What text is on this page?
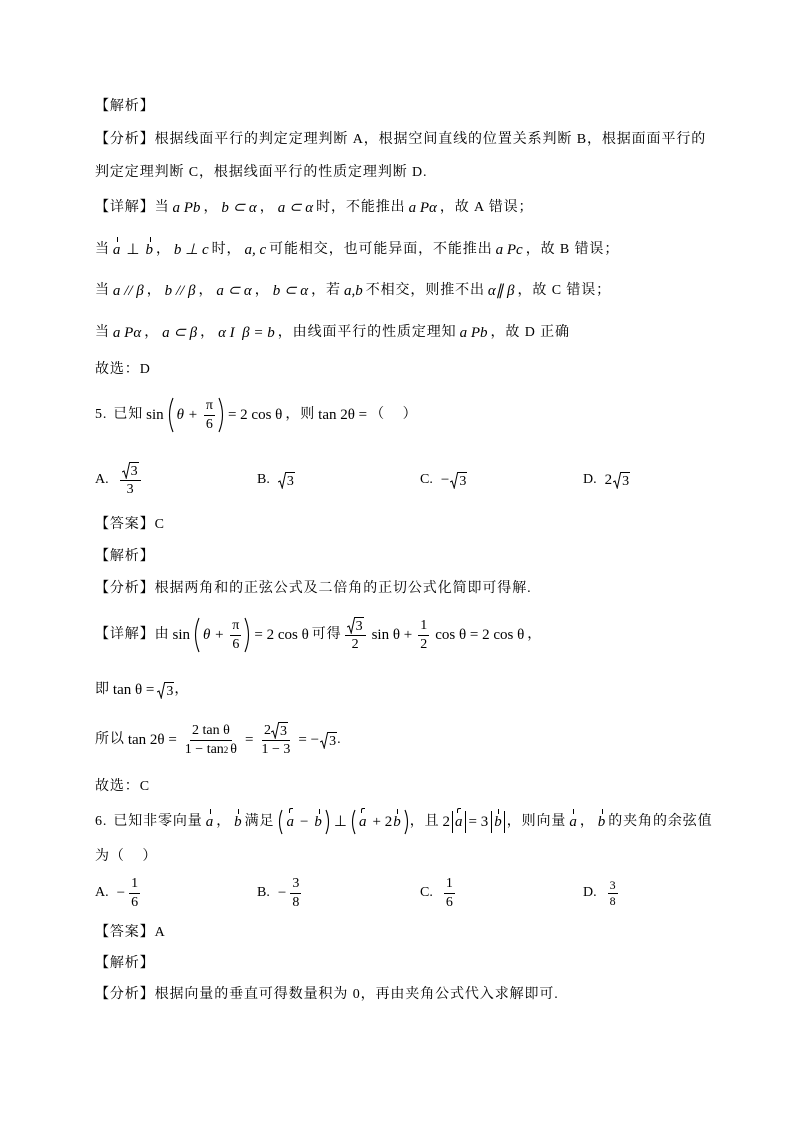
【解析】
【分析】 根据线面平行的判定定理判断 A，根据空间直线的位置关系判断 B，根据面面平行的
判定定理判断 C，根据线面平行的性质定理判断 D.
【详解】 当 a Pb ， b ⊂ α ， a ⊂ α 时，不能推出 a Pα ，故 A 错误；
当 a ⊥ b ， b ⊥ c 时， a, c 可能相交，也可能异面，不能推出 a Pc ，故 B 错误；
当 a // β ， b // β ， a ⊂ α ， b ⊂ α ，若 a,b 不相交，则推不出 α∥ β ，故 C 错误；
当 a Pα ， a ⊂ β ， α I  β = b ，由线面平行的性质定理知 a Pb ，故 D 正确
故选：D
5. 已知 $\sin \theta + \frac{\pi}{6} = 2$ cos θ ，则 tan 2θ = （    ）
A. $\frac{3}{3}$	B. 3	C. − 3	D. 2 3
【答案】 C
【解析】
【分析】 根据两角和的正弦公式及二倍角的正切公式化简即可得解.
【详解】 由 $\sin \theta + \frac{\pi}{6} = 2$ cos θ 可得 $\frac{3}{2}$ $\sin \theta + \frac{1}{2}$ cos θ = 2 cos θ ，
即 tan θ = 3 ，
所以 $\tan 2\theta = \frac{\text{2 tan θ}}{1 - \tan 2 \theta} = \frac{2 3}{1 - 3}$ = − 3 .
故选：C
6. 已知非零向量 a ， b 满足 a − b ⊥ a + 2 b ，且 2 a = 3 b ，则向量 a ， b 的夹角的余弦值
为（    ）
A. − $\frac{1}{6}$	B. − $\frac{3}{8}$	C. $\frac{1}{6}$	D. $\frac{3}{8}$
【答案】 A
【解析】
【分析】 根据向量的垂直可得数量积为 0，再由夹角公式代入求解即可.
